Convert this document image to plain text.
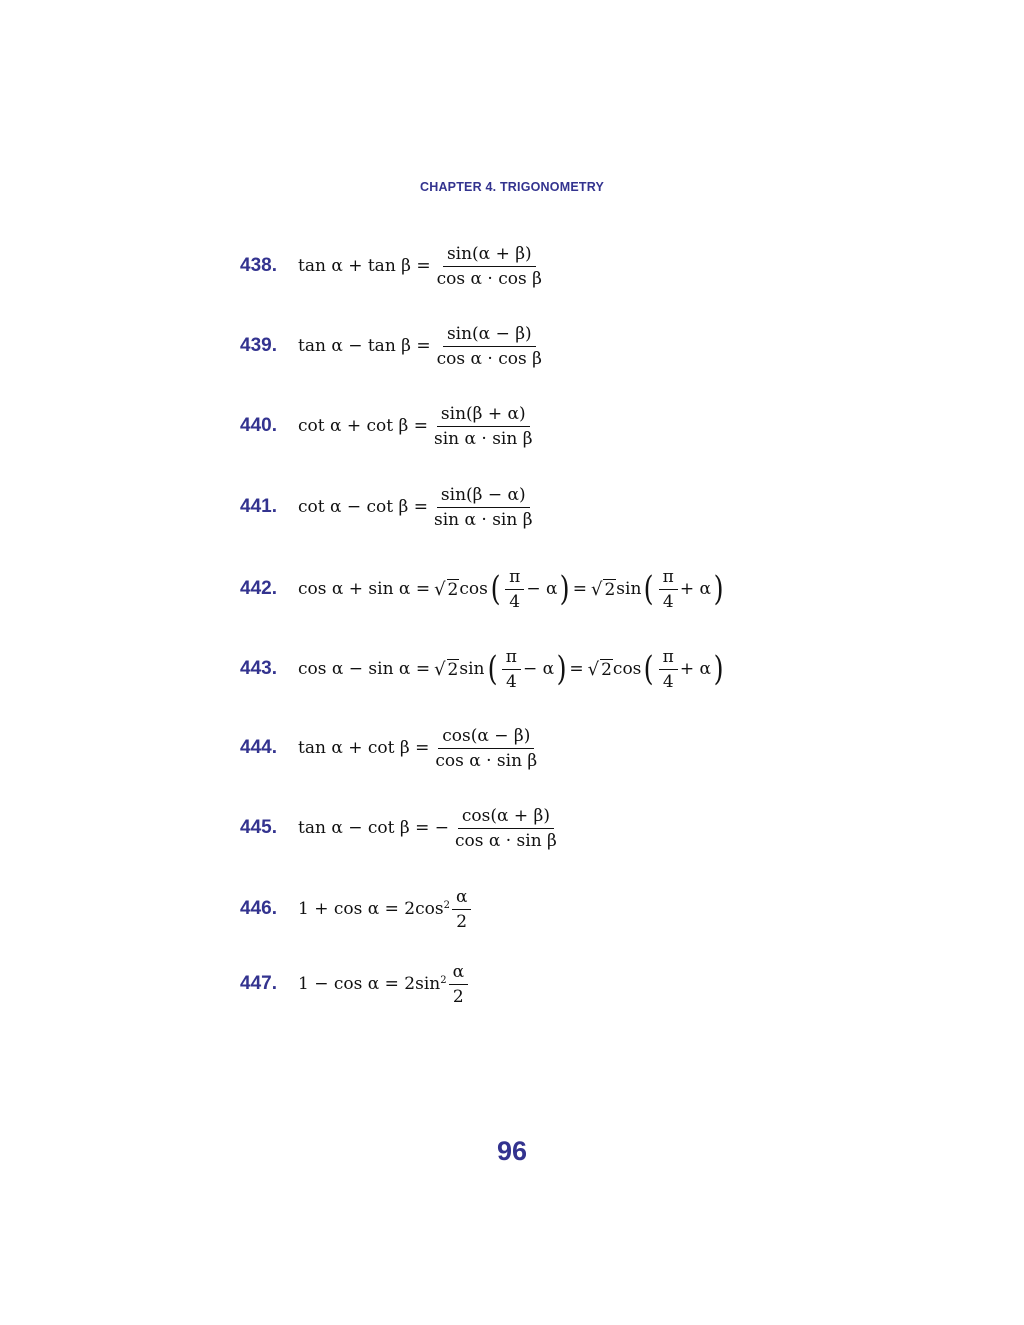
CHAPTER 4. TRIGONOMETRY
438.	$\tan \alpha + \tan \beta = \frac{\sin(\alpha + \beta)}{\text{cos α · cos β}}$
439.	$\tan \alpha - \tan \beta = \frac{\sin(\alpha - \beta)}{\text{cos α · cos β}}$
440.	$\cot \alpha + \cot \beta = \frac{\sin(\beta + \alpha)}{\text{sin α · sin β}}$
441.	$\cot \alpha - \cot \beta = \frac{\sin(\beta - \alpha)}{\text{sin α · sin β}}$
442.	cos α + sin α = √ 2 cos ( $\frac{\pi}{4} - \alpha$ ) = √ 2 sin ( $\frac{\pi}{4} + \alpha$ )
443.	cos α − sin α = √ 2 sin ( $\frac{\pi}{4} - \alpha$ ) = √ 2 cos ( $\frac{\pi}{4} + \alpha$ )
444.	$\tan \alpha + \cot \beta = \frac{\cos(\alpha - \beta)}{\text{cos α · sin β}}$
445.	tan α − cot β = − $\frac{\cos(\alpha + \beta)}{\text{cos α · sin β}}$
446.	1 + cos α = 2cos $2 \frac{\alpha}{2}$
447.	1 − cos α = 2sin $2 \frac{\alpha}{2}$
96
